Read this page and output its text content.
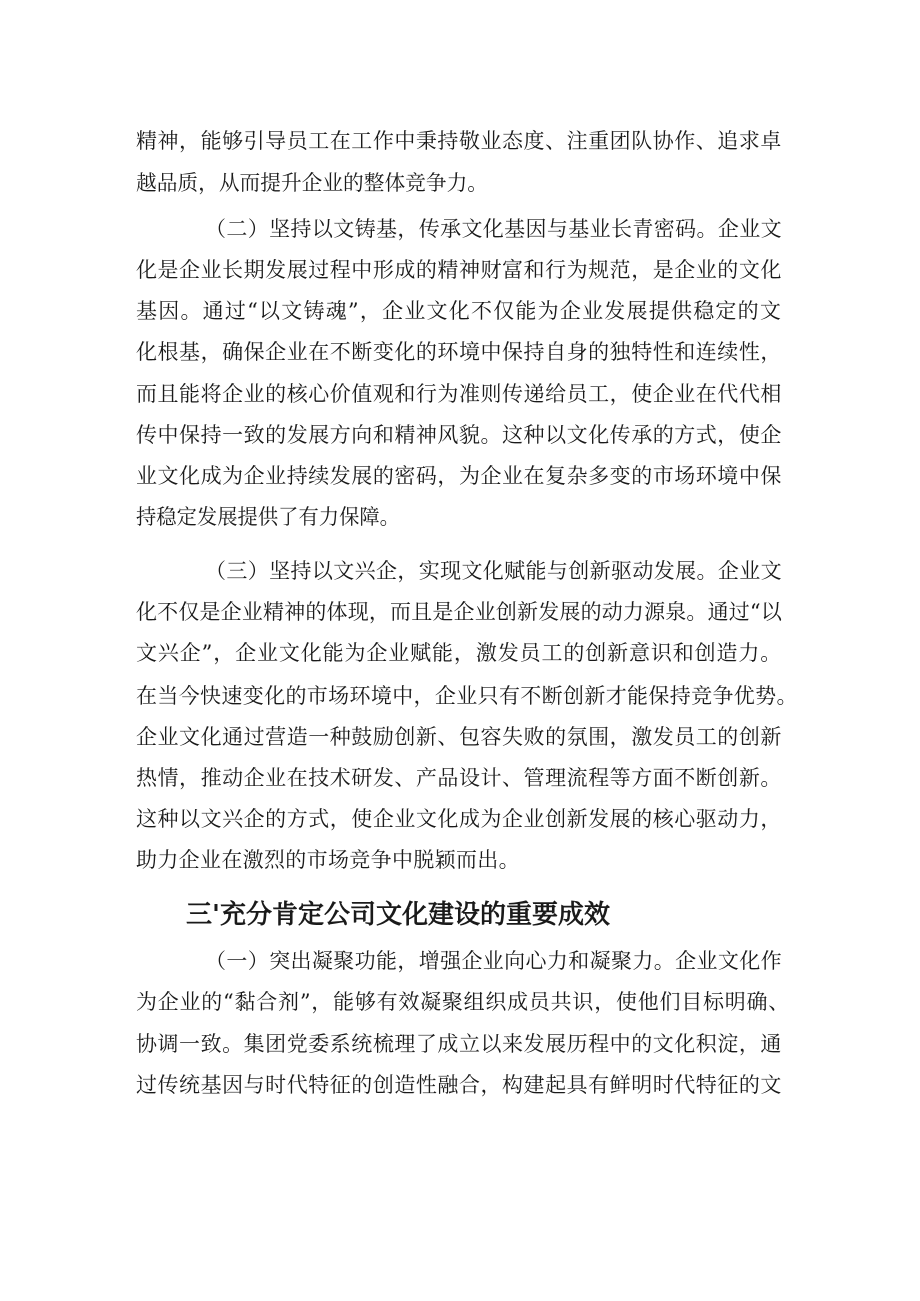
精神，能够引导员工在工作中秉持敬业态度、注重团队协作、追求卓

越品质，从而提升企业的整体竞争力。

（二）坚持以文铸基，传承文化基因与基业长青密码。企业文

化是企业长期发展过程中形成的精神财富和行为规范，是企业的文化

基因。通过“以文铸魂”，企业文化不仅能为企业发展提供稳定的文

化根基，确保企业在不断变化的环境中保持自身的独特性和连续性，

而且能将企业的核心价值观和行为准则传递给员工，使企业在代代相

传中保持一致的发展方向和精神风貌。这种以文化传承的方式，使企

业文化成为企业持续发展的密码，为企业在复杂多变的市场环境中保

持稳定发展提供了有力保障。

（三）坚持以文兴企，实现文化赋能与创新驱动发展。企业文

化不仅是企业精神的体现，而且是企业创新发展的动力源泉。通过“以

文兴企”，企业文化能为企业赋能，激发员工的创新意识和创造力。

在当今快速变化的市场环境中，企业只有不断创新才能保持竞争优势。

企业文化通过营造一种鼓励创新、包容失败的氛围，激发员工的创新

热情，推动企业在技术研发、产品设计、管理流程等方面不断创新。

这种以文兴企的方式，使企业文化成为企业创新发展的核心驱动力，

助力企业在激烈的市场竞争中脱颖而出。

三'充分肯定公司文化建设的重要成效

（一）突出凝聚功能，增强企业向心力和凝聚力。企业文化作

为企业的“黏合剂”，能够有效凝聚组织成员共识，使他们目标明确、

协调一致。集团党委系统梳理了成立以来发展历程中的文化积淀，通

过传统基因与时代特征的创造性融合，构建起具有鲜明时代特征的文
